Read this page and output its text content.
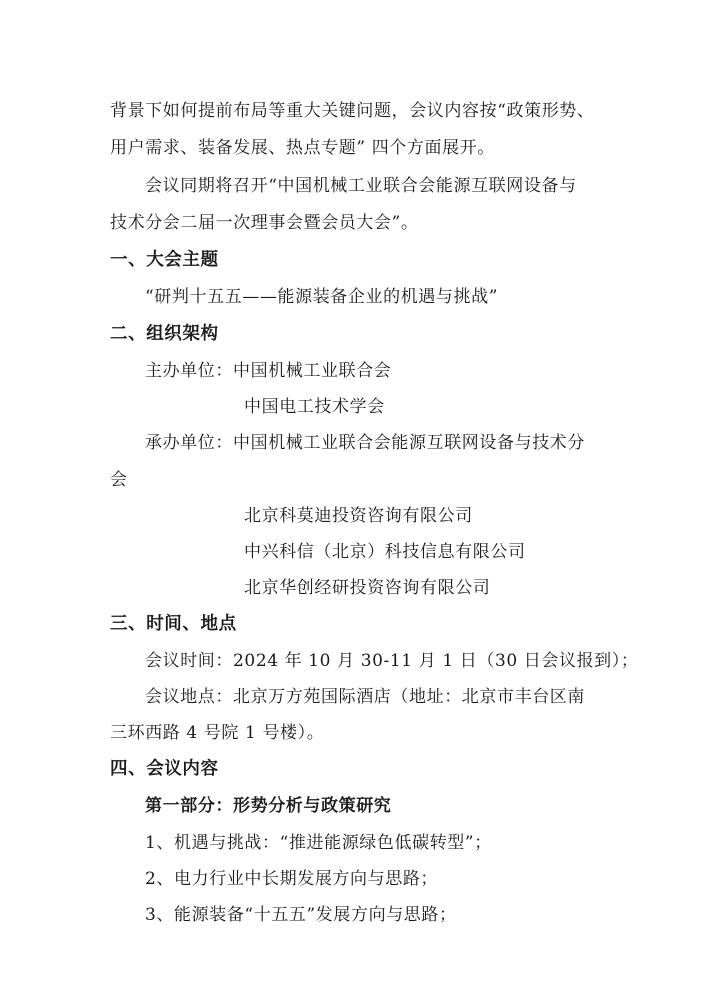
背景下如何提前布局等重大关键问题，会议内容按“政策形势、
用户需求、装备发展、热点专题” 四个方面展开。
会议同期将召开“中国机械工业联合会能源互联网设备与
技术分会二届一次理事会暨会员大会”。
一、大会主题
“研判十五五——能源装备企业的机遇与挑战”
二、组织架构
主办单位：中国机械工业联合会
中国电工技术学会
承办单位：中国机械工业联合会能源互联网设备与技术分
会
北京科莫迪投资咨询有限公司
中兴科信（北京）科技信息有限公司
北京华创经研投资咨询有限公司
三、时间、地点
会议时间：2024 年 10 月 30-11 月 1 日（30 日会议报到）；
会议地点：北京万方苑国际酒店（地址：北京市丰台区南
三环西路 4 号院 1 号楼）。
四、会议内容
第一部分：形势分析与政策研究
1、机遇与挑战：“推进能源绿色低碳转型”；
2、电力行业中长期发展方向与思路；
3、能源装备“十五五”发展方向与思路；
